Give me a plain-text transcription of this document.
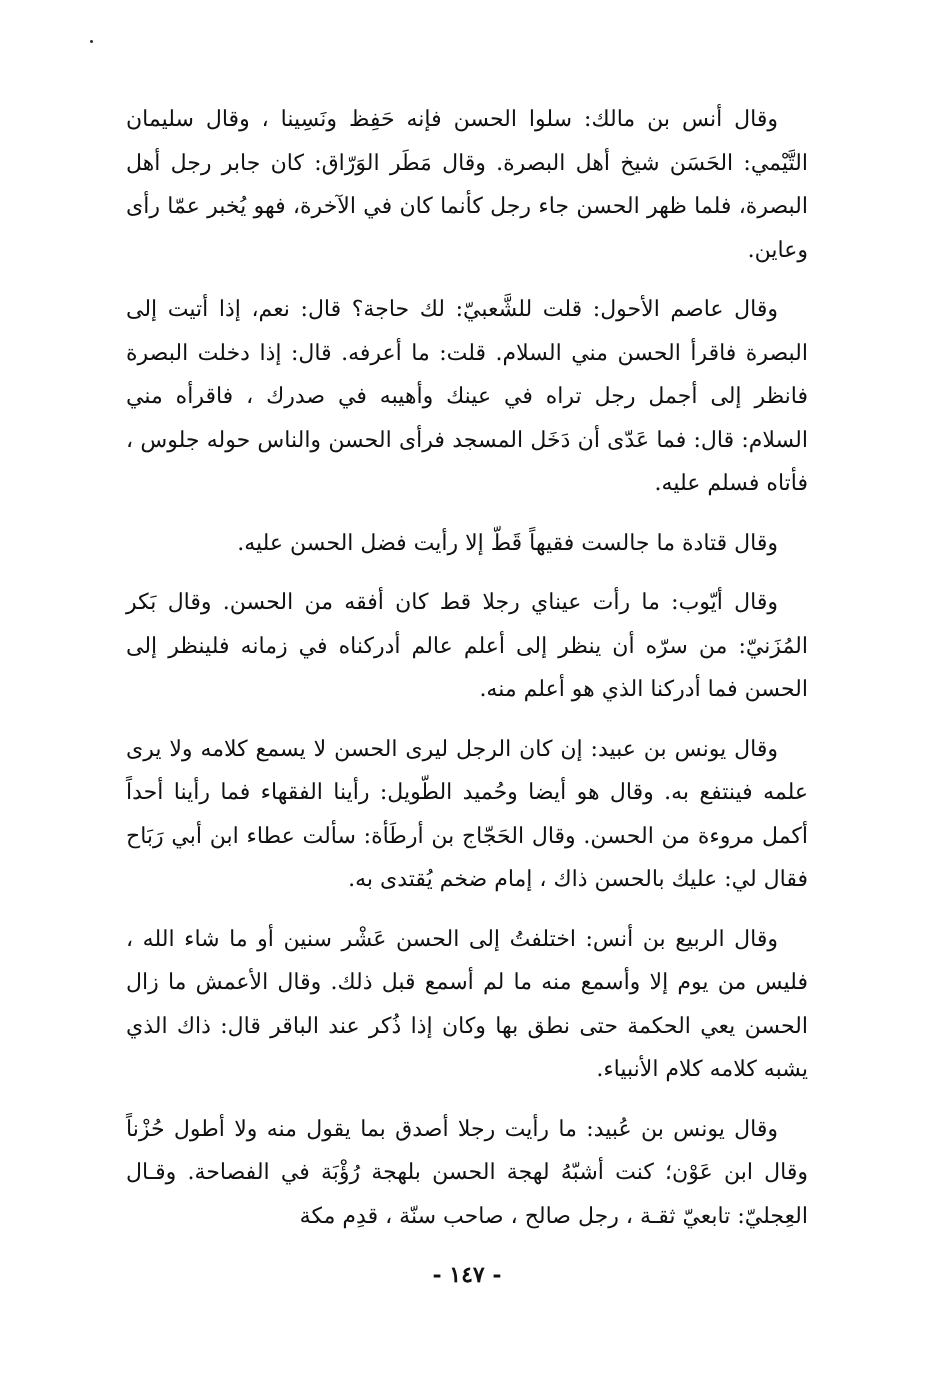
وقال أنس بن مالك: سلوا الحسن فإنه حَفِظ ونَسِينا ، وقال سليمان التَّيْمي: الحَسَن شيخ أهل البصرة. وقال مَطَر الوَرّاق: كان جابر رجل أهل البصرة، فلما ظهر الحسن جاء رجل كأنما كان في الآخرة، فهو يُخبر عمّا رأى وعاين.

وقال عاصم الأحول: قلت للشَّعبيّ: لك حاجة؟ قال: نعم، إذا أتيت إلى البصرة فاقرأ الحسن مني السلام. قلت: ما أعرفه. قال: إذا دخلت البصرة فانظر إلى أجمل رجل تراه في عينك وأهيبه في صدرك ، فاقرأه مني السلام: قال: فما عَدّى أن دَخَل المسجد فرأى الحسن والناس حوله جلوس ، فأتاه فسلم عليه.

وقال قتادة ما جالست فقيهاً قَطّ إلا رأيت فضل الحسن عليه.

وقال أيّوب: ما رأت عيناي رجلا قط كان أفقه من الحسن. وقال بَكر المُزَنيّ: من سرّه أن ينظر إلى أعلم عالم أدركناه في زمانه فلينظر إلى الحسن فما أدركنا الذي هو أعلم منه.

وقال يونس بن عبيد: إن كان الرجل ليرى الحسن لا يسمع كلامه ولا يرى علمه فينتفع به. وقال هو أيضا وحُميد الطّويل: رأينا الفقهاء فما رأينا أحداً أكمل مروءة من الحسن. وقال الحَجّاج بن أرطَأة: سألت عطاء ابن أبي رَبَاح فقال لي: عليك بالحسن ذاك ، إمام ضخم يُقتدى به.

وقال الربيع بن أنس: اختلفتُ إلى الحسن عَشْر سنين أو ما شاء الله ، فليس من يوم إلا وأسمع منه ما لم أسمع قبل ذلك. وقال الأعمش ما زال الحسن يعي الحكمة حتى نطق بها وكان إذا ذُكر عند الباقر قال: ذاك الذي يشبه كلامه كلام الأنبياء.

وقال يونس بن عُبيد: ما رأيت رجلا أصدق بما يقول منه ولا أطول حُزْناً وقال ابن عَوْن؛ كنت أشبّهُ لهجة الحسن بلهجة رُؤْبَة في الفصاحة. وقـال العِجليّ: تابعيّ ثقـة ، رجل صالح ، صاحب سنّة ، قدِم مكة

- ١٤٧ -
